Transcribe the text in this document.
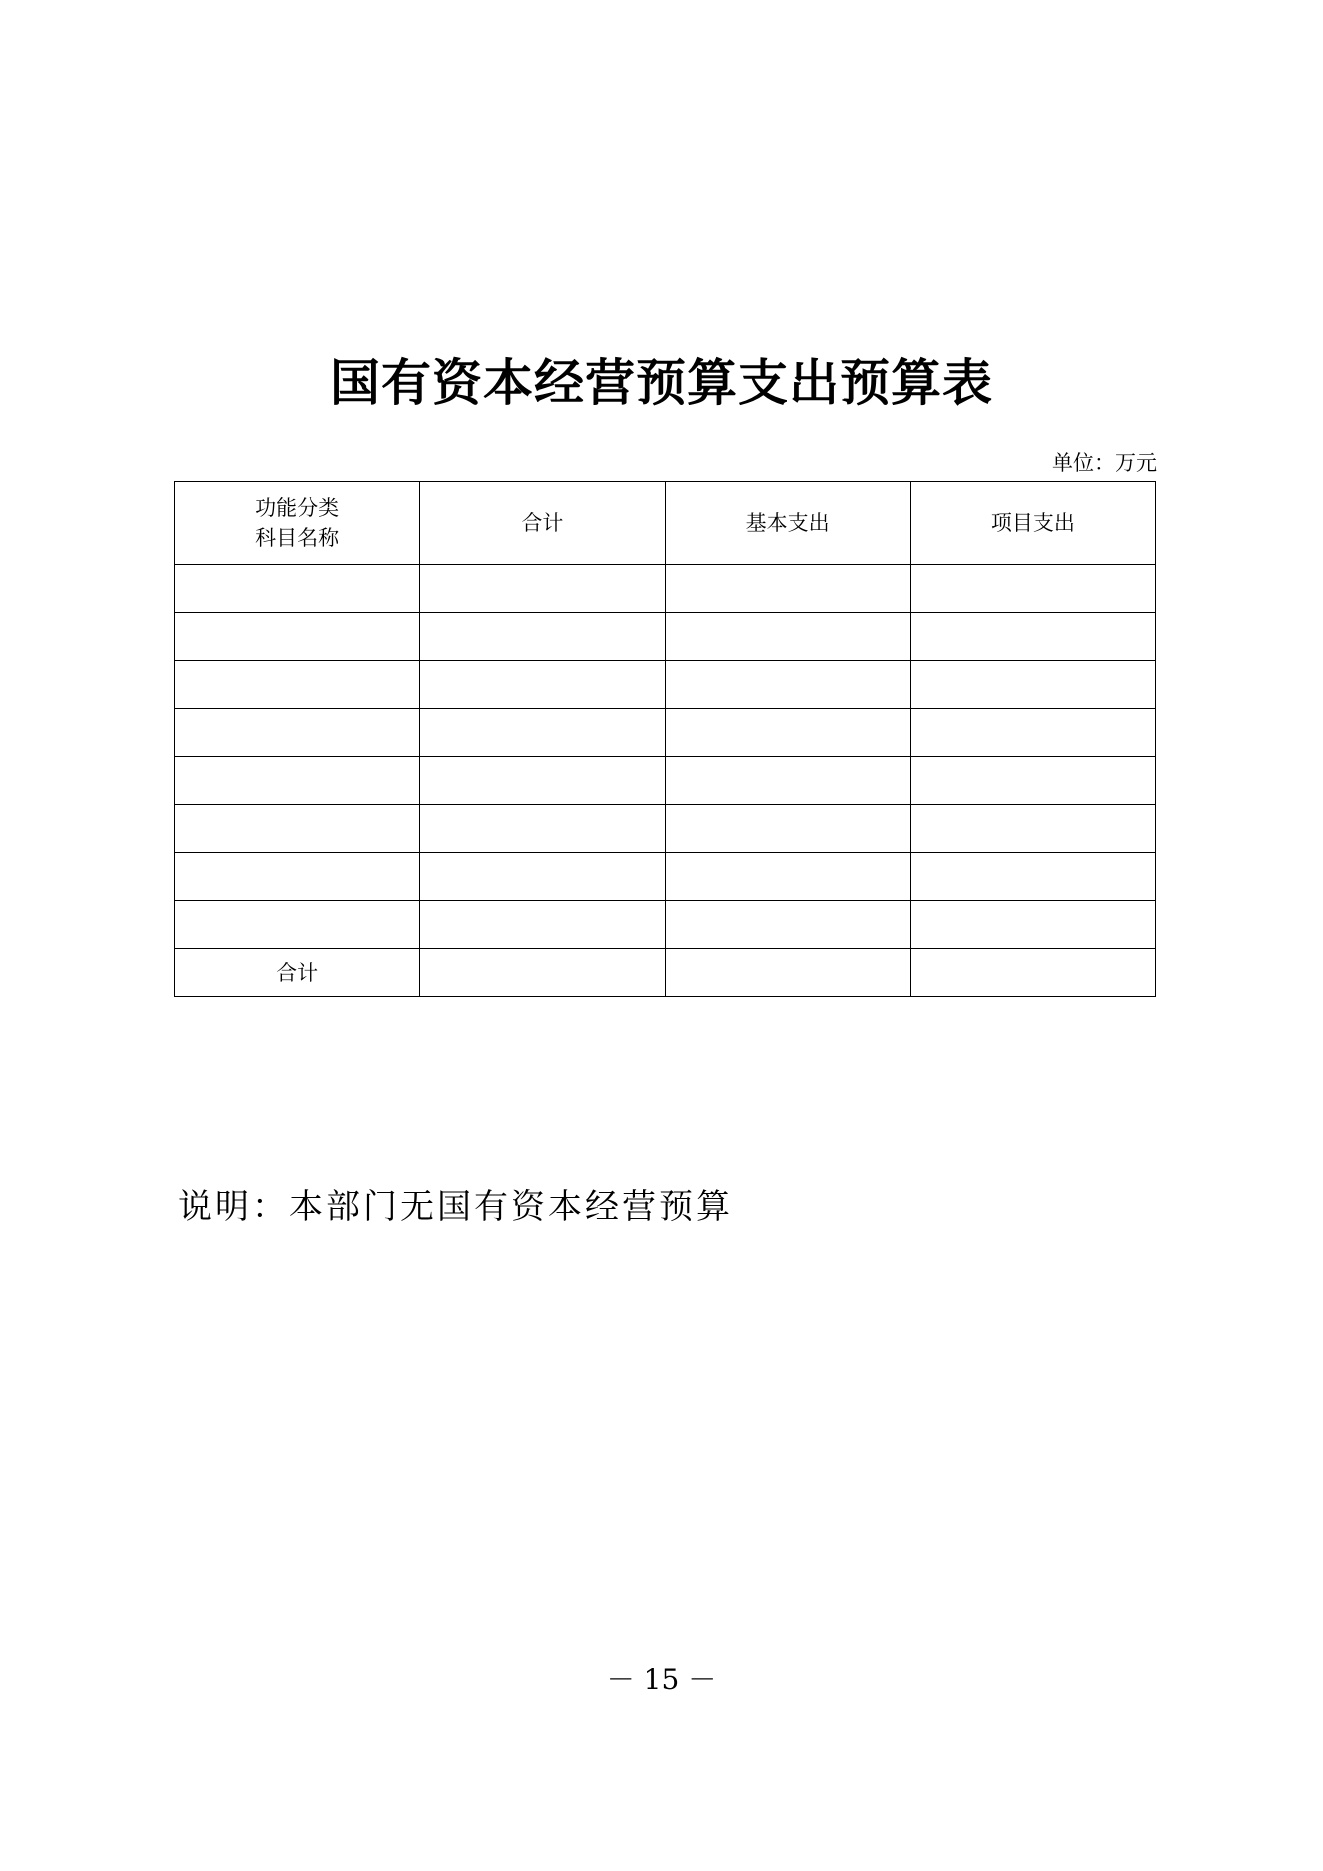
国有资本经营预算支出预算表
单位：万元
功能分类
科目名称	合计	基本支出	项目支出

合计			
说明：本部门无国有资本经营预算
－ 15 －
